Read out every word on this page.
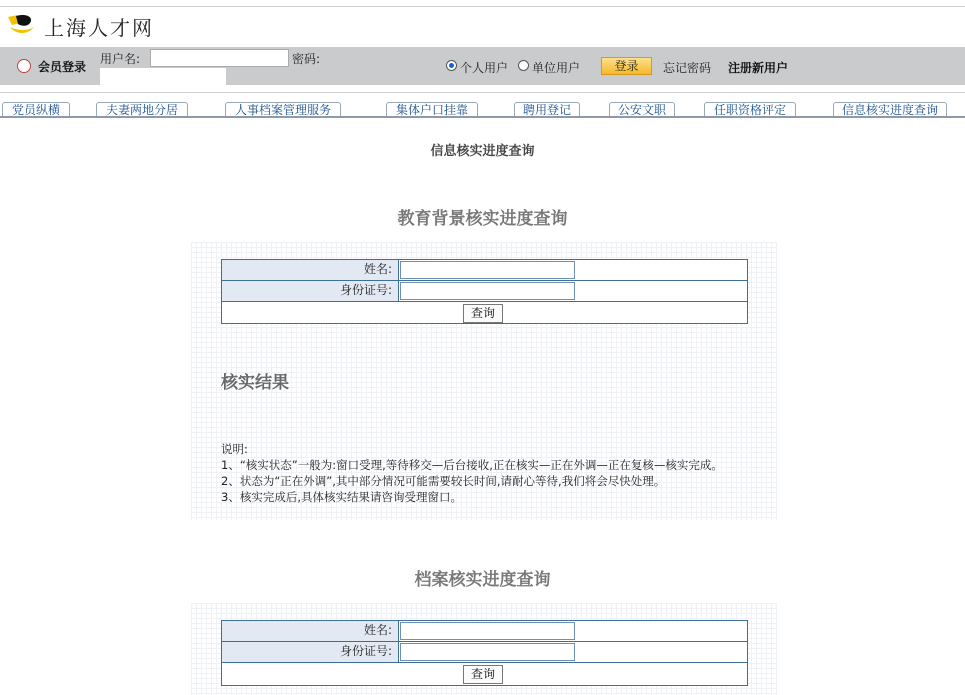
上海人才网
会员登录
用户名:	密码:
个人用户 单位用户	登录	忘记密码 注册新用户
党员纵横	夫妻两地分居	人事档案管理服务	集体户口挂靠	聘用登记	公安文职	任职资格评定	信息核实进度查询
信息核实进度查询
教育背景核实进度查询
姓名:
身份证号:
查询
核实结果
说明:
1、“核实状态”一般为:窗口受理,等待移交—后台接收,正在核实—正在外调—正在复核—核实完成。
2、状态为“正在外调”,其中部分情况可能需要较长时间,请耐心等待,我们将会尽快处理。
3、核实完成后,具体核实结果请咨询受理窗口。
档案核实进度查询
姓名:
身份证号:
查询
